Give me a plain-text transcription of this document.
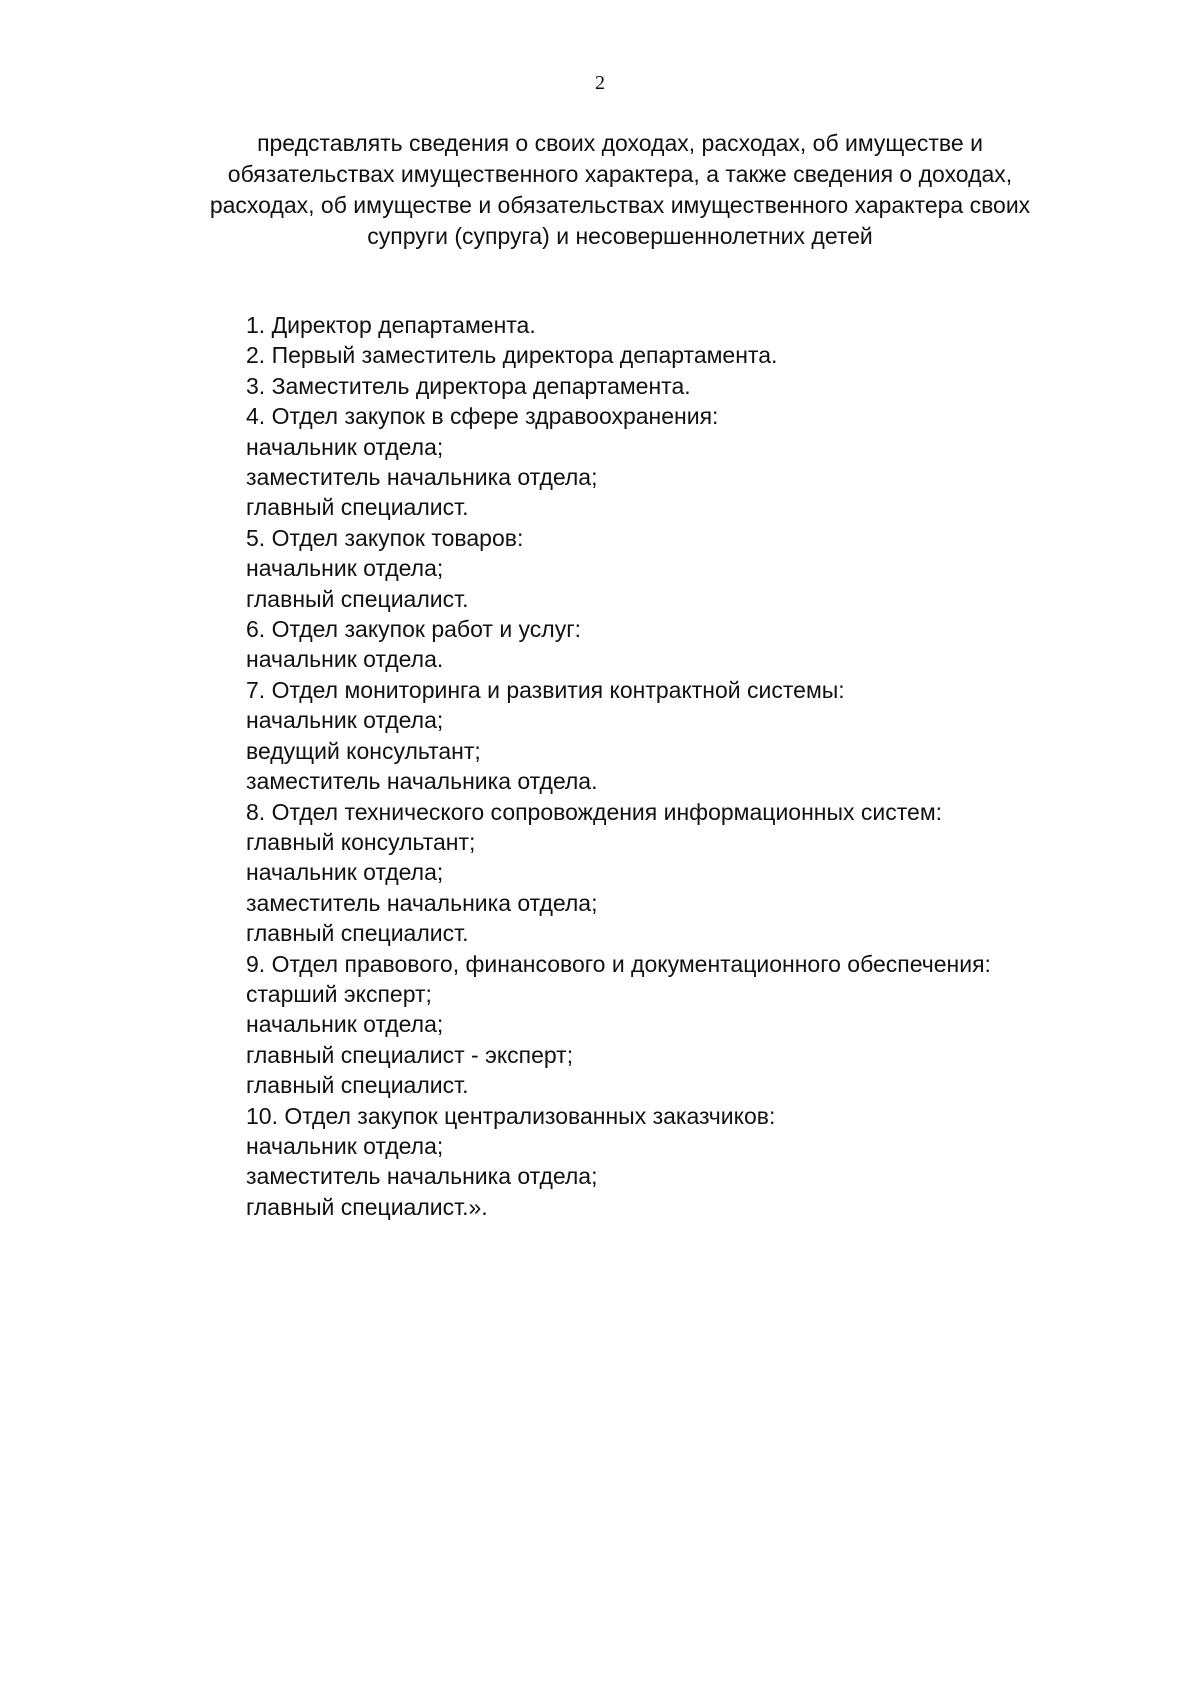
2
представлять сведения о своих доходах, расходах, об имуществе и
обязательствах имущественного характера, а также сведения о доходах,
расходах, об имуществе и обязательствах имущественного характера своих
супруги (супруга) и несовершеннолетних детей
1. Директор департамента.
2. Первый заместитель директора департамента.
3. Заместитель директора департамента.
4. Отдел закупок в сфере здравоохранения:
начальник отдела;
заместитель начальника отдела;
главный специалист.
5. Отдел закупок товаров:
начальник отдела;
главный специалист.
6. Отдел закупок работ и услуг:
начальник отдела.
7. Отдел мониторинга и развития контрактной системы:
начальник отдела;
ведущий консультант;
заместитель начальника отдела.
8. Отдел технического сопровождения информационных систем:
главный консультант;
начальник отдела;
заместитель начальника отдела;
главный специалист.
9. Отдел правового, финансового и документационного обеспечения:
старший эксперт;
начальник отдела;
главный специалист - эксперт;
главный специалист.
10. Отдел закупок централизованных заказчиков:
начальник отдела;
заместитель начальника отдела;
главный специалист.».
